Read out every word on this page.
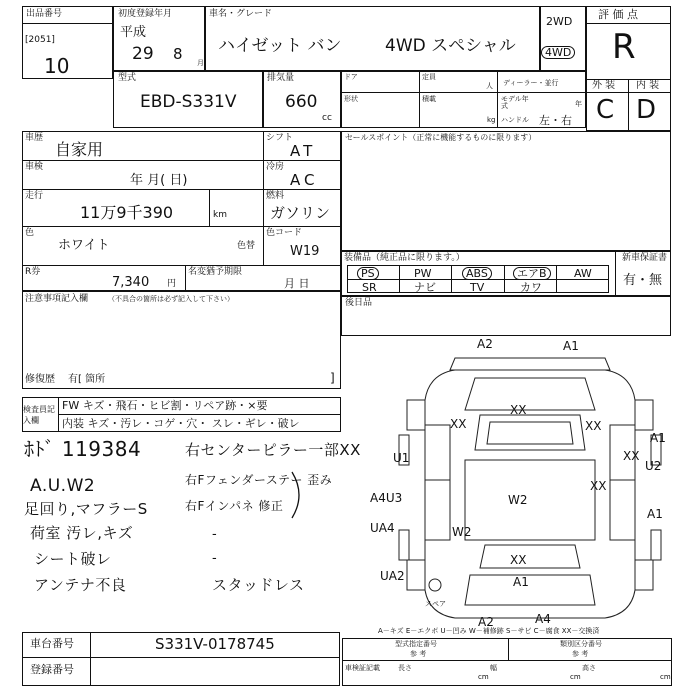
出品番号
[2051]
10
初度登録年月
平成
29 8 月
車名・グレード
ハイゼット バン	4WD スペシャル
2WD
4WD
評 価 点
R
外 装 内 装
C D
型式
EBD-S331V
排気量
660
cc
ドア	定員
人 ディーラー・並行
形状	積載
kg
モデル年式	年
ハンドル 左・右
車歴
自家用
シフト
AT
車検
年 月( 日)
冷房
AC
走行
11万9千390	km
燃料
ガソリン
色
ホワイト
色コード
色替	W19
R券
7,340 円
名変猶予期限
月 日
セールスポイント（正常に機能するものに限ります）
装備品（純正品に限ります。）	新車保証書
有・無
PS	PW	ABS	エアB	AW
SR	ナビ	TV	カワ
後日品
注意事項記入欄	（不具合の箇所は必ず記入して下さい）
修復歴 有[ 箇所	]
検査員記入欄
FW キズ・飛石・ヒビ割・リペア跡・×要
内装 キズ・汚レ・コゲ・穴・ スレ・ギレ・破レ
ﾎﾄﾞ 119384
A.U.W2
足回り,マフラーS
荷室 汚レ,キズ
シート破レ
アンテナ不良
右センターピラー一部XX
右Fフェンダーステー 歪み
右Fインパネ 修正
スタッドレス
-
-
A2	A1
XX
XX	XX
U1
A1
XX
U2
A4U3
XX
W2
A1
UA4	W2
XX
A1
UA2
A2	A4
スペア
A－キズ E－エクボ U－凹み W－補修跡 S－サビ C－腐食 XX－交換済
車台番号	S331V-0178745
登録番号
型式指定番号	類別区分番号
参 考	参 考
車検証記載	長さ
cm
幅
cm
高さ
cm
